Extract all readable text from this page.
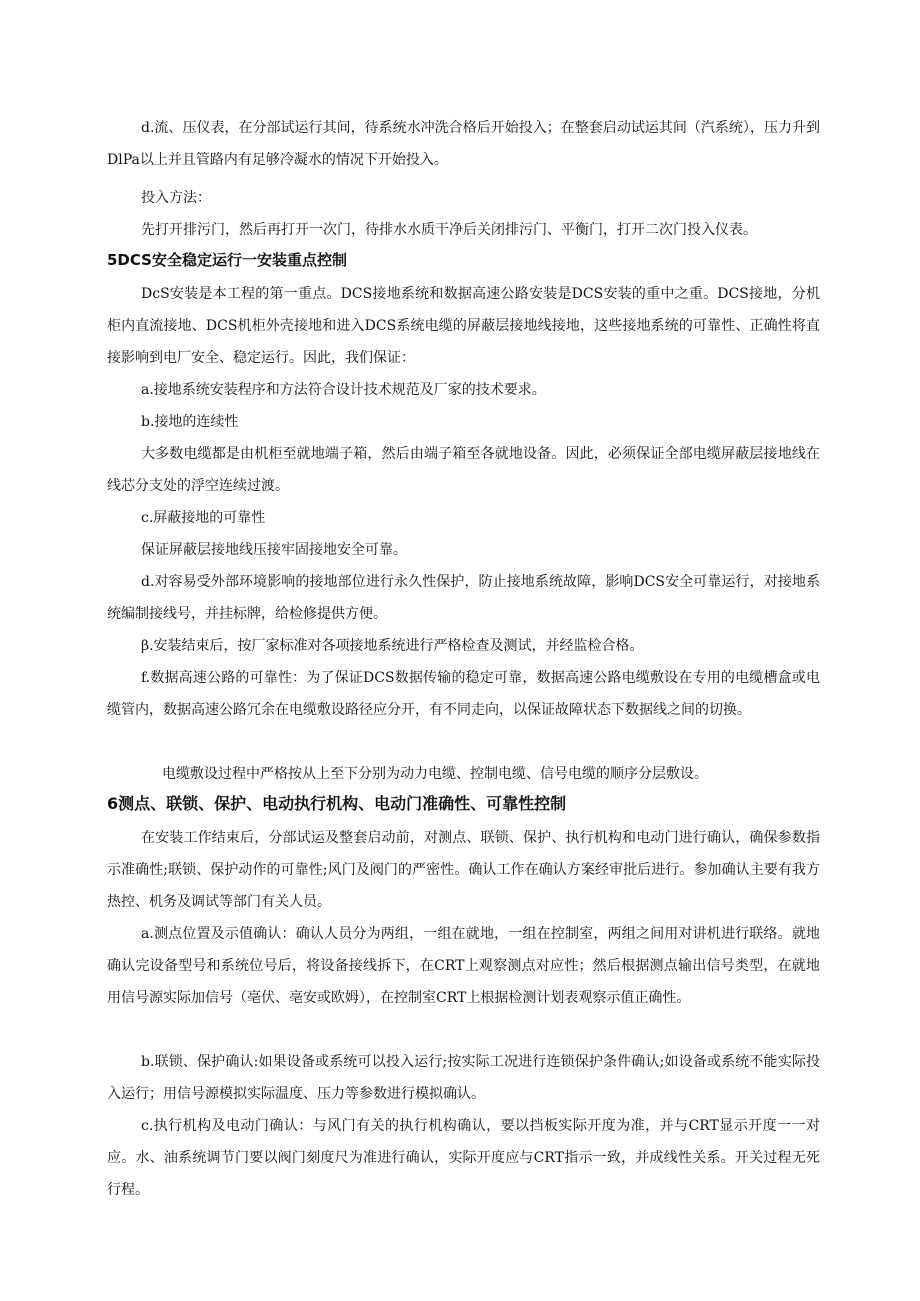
d.流、压仪表，在分部试运行其间，待系统水冲洗合格后开始投入；在整套启动试运其间（汽系统），压力升到DlPa以上并且管路内有足够冷凝水的情况下开始投入。

投入方法：

先打开排污门，然后再打开一次门，待排水水质干净后关闭排污门、平衡门，打开二次门投入仪表。

5DCS安全稳定运行一安装重点控制

DcS安装是本工程的第一重点。DCS接地系统和数据高速公路安装是DCS安装的重中之重。DCS接地，分机柜内直流接地、DCS机柜外壳接地和进入DCS系统电缆的屏蔽层接地线接地，这些接地系统的可靠性、正确性将直接影响到电厂安全、稳定运行。因此，我们保证：

a.接地系统安装程序和方法符合设计技术规范及厂家的技术要求。

b.接地的连续性

大多数电缆都是由机柜至就地端子箱，然后由端子箱至各就地设备。因此，必须保证全部电缆屏蔽层接地线在线芯分支处的浮空连续过渡。

c.屏蔽接地的可靠性

保证屏蔽层接地线压接牢固接地安全可靠。

d.对容易受外部环境影响的接地部位进行永久性保护，防止接地系统故障，影响DCS安全可靠运行，对接地系统编制接线号，并挂标牌，给检修提供方便。

β.安装结束后，按厂家标准对各项接地系统进行严格检查及测试，并经监检合格。

f.数据高速公路的可靠性：为了保证DCS数据传输的稳定可靠，数据高速公路电缆敷设在专用的电缆槽盒或电缆管内，数据高速公路冗余在电缆敷设路径应分开，有不同走向，以保证故障状态下数据线之间的切换。

电缆敷设过程中严格按从上至下分别为动力电缆、控制电缆、信号电缆的顺序分层敷设。

6测点、联锁、保护、电动执行机构、电动门准确性、可靠性控制

在安装工作结束后，分部试运及整套启动前，对测点、联锁、保护、执行机构和电动门进行确认，确保参数指示准确性;联锁、保护动作的可靠性;风门及阀门的严密性。确认工作在确认方案经审批后进行。参加确认主要有我方热控、机务及调试等部门有关人员。

a.测点位置及示值确认：确认人员分为两组，一组在就地，一组在控制室，两组之间用对讲机进行联络。就地确认完设备型号和系统位号后，将设备接线拆下，在CRT上观察测点对应性；然后根据测点输出信号类型，在就地用信号源实际加信号（亳伏、亳安或欧姆），在控制室CRT上根据检测计划表观察示值正确性。

b.联锁、保护确认:如果设备或系统可以投入运行;按实际工况进行连锁保护条件确认;如设备或系统不能实际投入运行；用信号源模拟实际温度、压力等参数进行模拟确认。

c.执行机构及电动门确认：与风门有关的执行机构确认，要以挡板实际开度为准，并与CRT显示开度一一对应。水、油系统调节门要以阀门刻度尺为准进行确认，实际开度应与CRT指示一致，并成线性关系。开关过程无死行程。
